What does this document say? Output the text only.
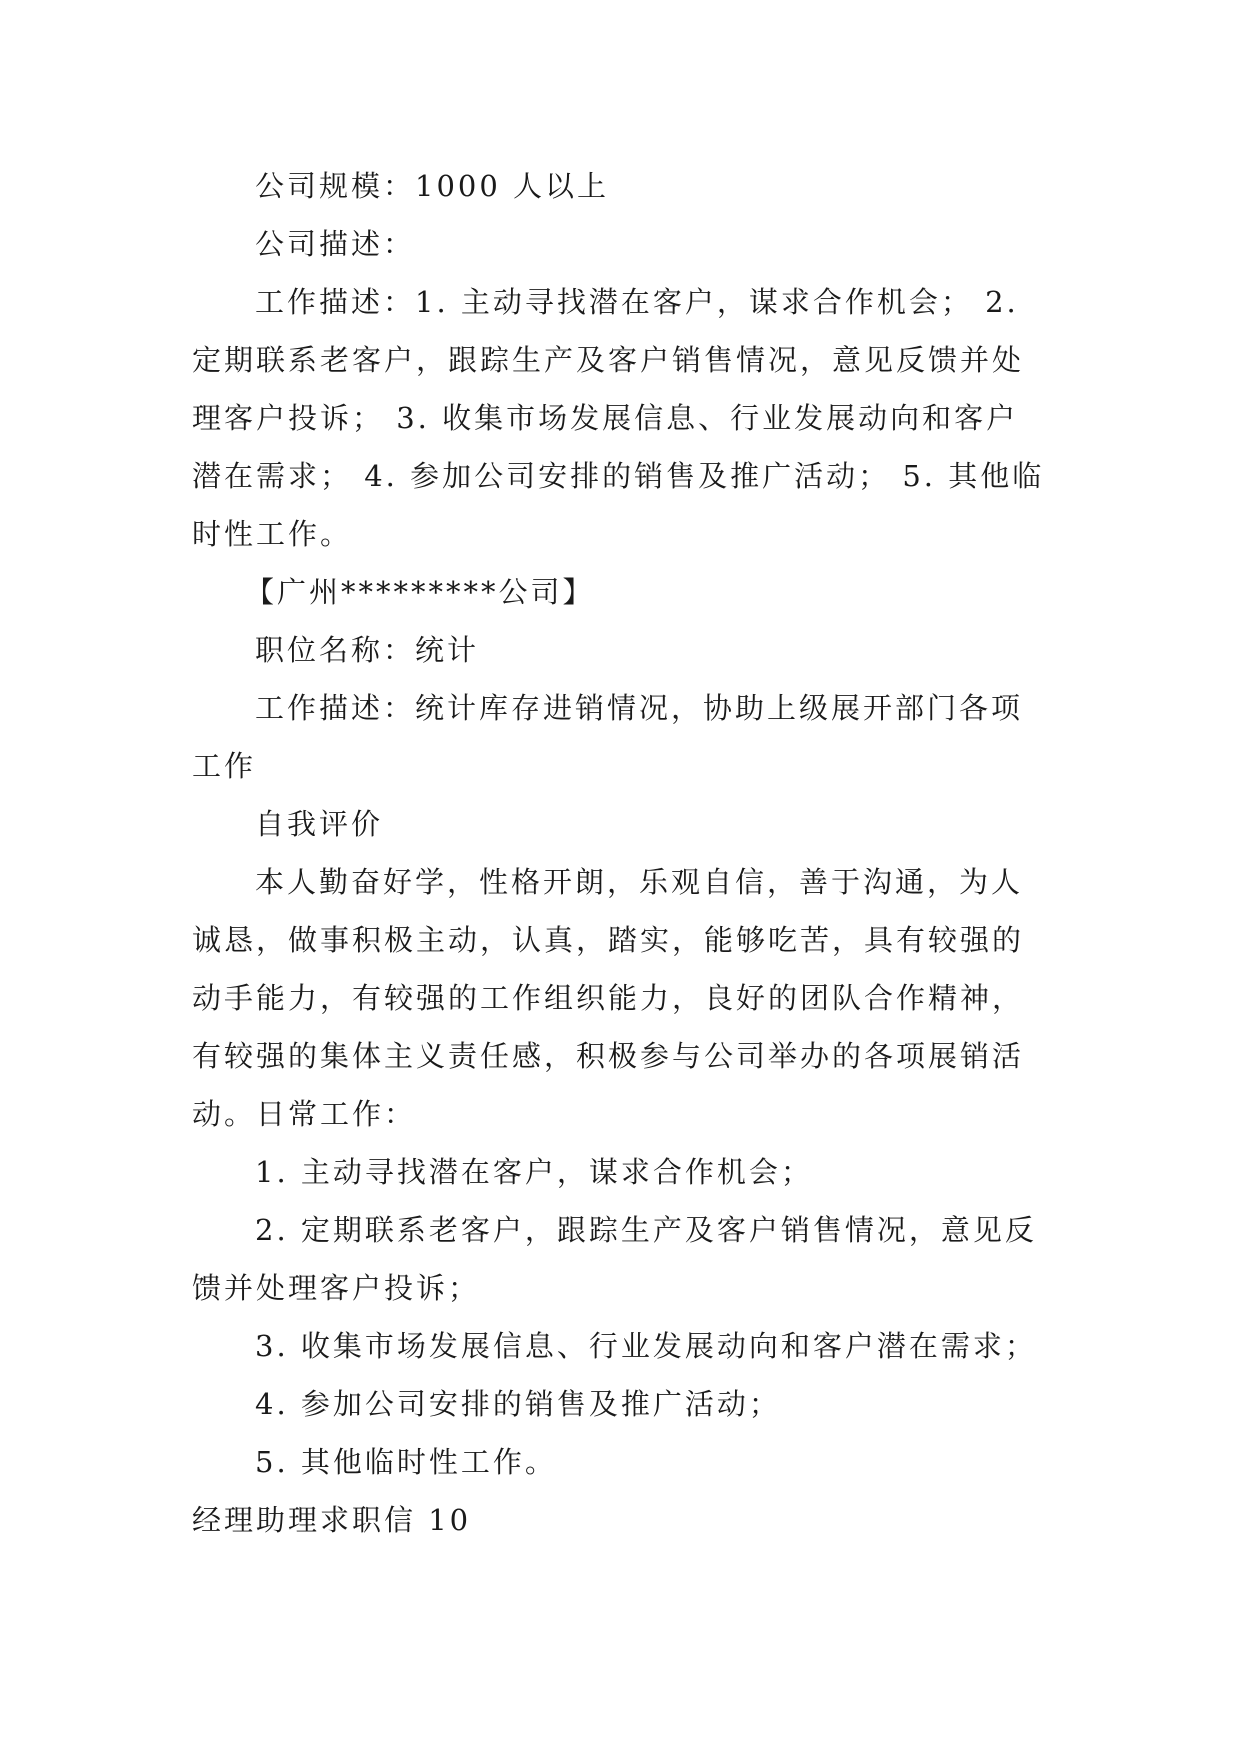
公司规模：1000 人以上
公司描述：
工作描述：1. 主动寻找潜在客户，谋求合作机会； 2.
定期联系老客户，跟踪生产及客户销售情况，意见反馈并处
理客户投诉； 3. 收集市场发展信息、行业发展动向和客户
潜在需求； 4. 参加公司安排的销售及推广活动； 5. 其他临
时性工作。
【广州*********公司】
职位名称：统计
工作描述：统计库存进销情况，协助上级展开部门各项
工作
自我评价
本人勤奋好学，性格开朗，乐观自信，善于沟通，为人
诚恳，做事积极主动，认真，踏实，能够吃苦，具有较强的
动手能力，有较强的工作组织能力，良好的团队合作精神，
有较强的集体主义责任感，积极参与公司举办的各项展销活
动。日常工作：
1. 主动寻找潜在客户，谋求合作机会；
2. 定期联系老客户，跟踪生产及客户销售情况，意见反
馈并处理客户投诉；
3. 收集市场发展信息、行业发展动向和客户潜在需求；
4. 参加公司安排的销售及推广活动；
5. 其他临时性工作。
经理助理求职信 10
